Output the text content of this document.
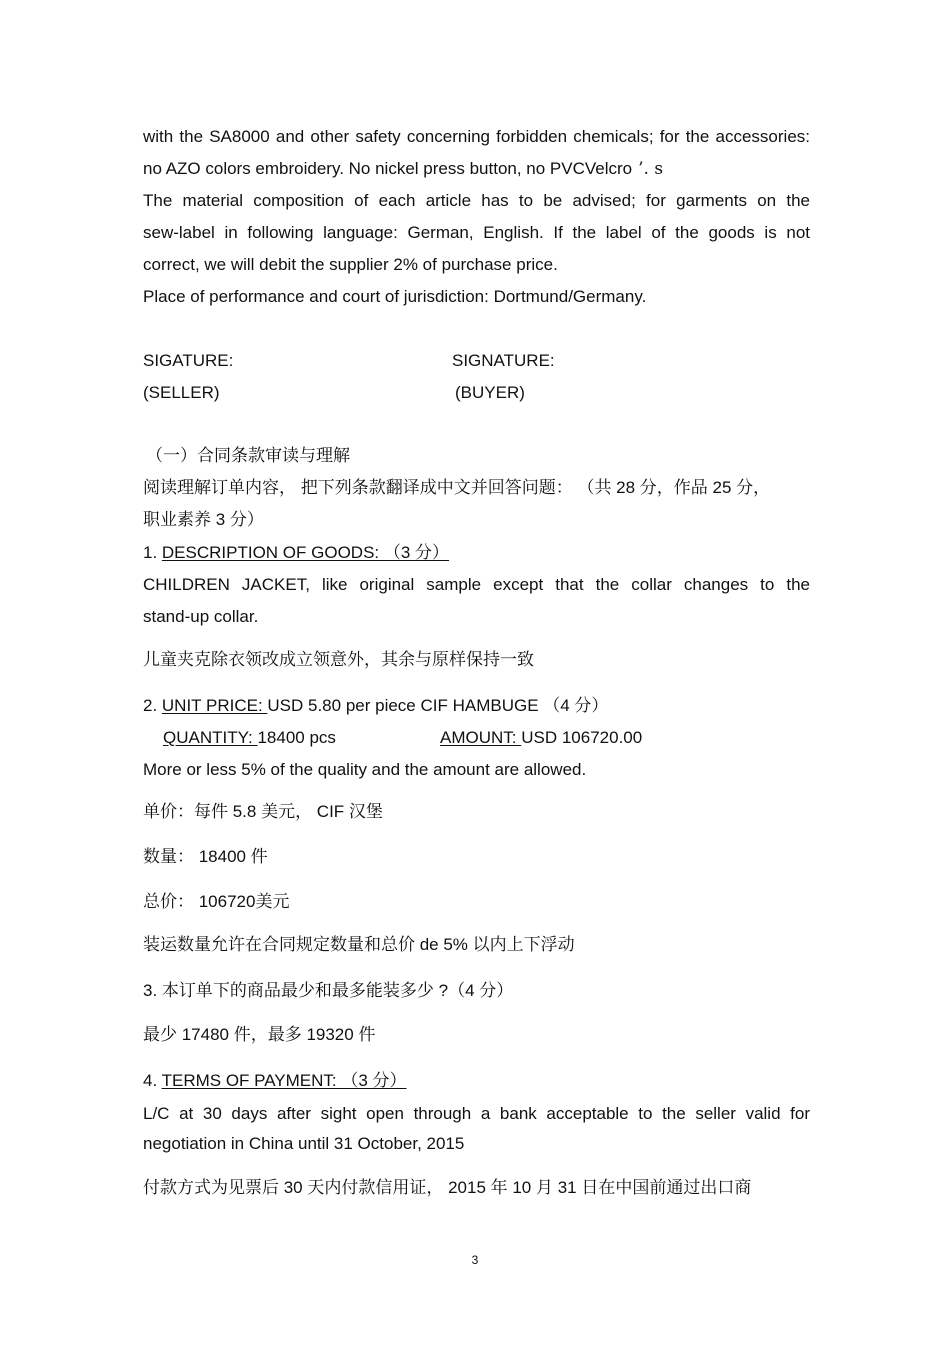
with the SA8000 and other safety concerning forbidden chemicals; for the accessories:
no AZO colors embroidery. No nickel press button, no PVCVelcro ’. s
The material composition of each article has to be advised; for garments on the
sew-label in following language: German, English. If the label of the goods is not
correct, we will debit the supplier 2% of purchase price.
Place of performance and court of jurisdiction: Dortmund/Germany.
SIGATURE:	SIGNATURE:
(SELLER)	(BUYER)
（一）合同条款审读与理解
阅读理解订单内容， 把下列条款翻译成中文并回答问题： （共 28 分，作品 25 分，
职业素养 3 分）
1. DESCRIPTION OF GOODS: （3 分）
CHILDREN JACKET, like original sample except that the collar changes to the
stand-up collar.
儿童夹克除衣领改成立领意外，其余与原样保持一致
2. UNIT PRICE: USD 5.80 per piece CIF HAMBUGE （4 分）
QUANTITY: 18400 pcs	AMOUNT: USD 106720.00
More or less 5% of the quality and the amount are allowed.
单价：每件 5.8 美元， CIF 汉堡
数量： 18400 件
总价： 106720美元
装运数量允许在合同规定数量和总价 de 5% 以内上下浮动
3. 本订单下的商品最少和最多能装多少 ?（4 分）
最少 17480 件，最多 19320 件
4. TERMS OF PAYMENT: （3 分）
L/C at 30 days after sight open through a bank acceptable to the seller valid for
negotiation in China until 31 October, 2015
付款方式为见票后 30 天内付款信用证， 2015 年 10 月 31 日在中国前通过出口商
3
